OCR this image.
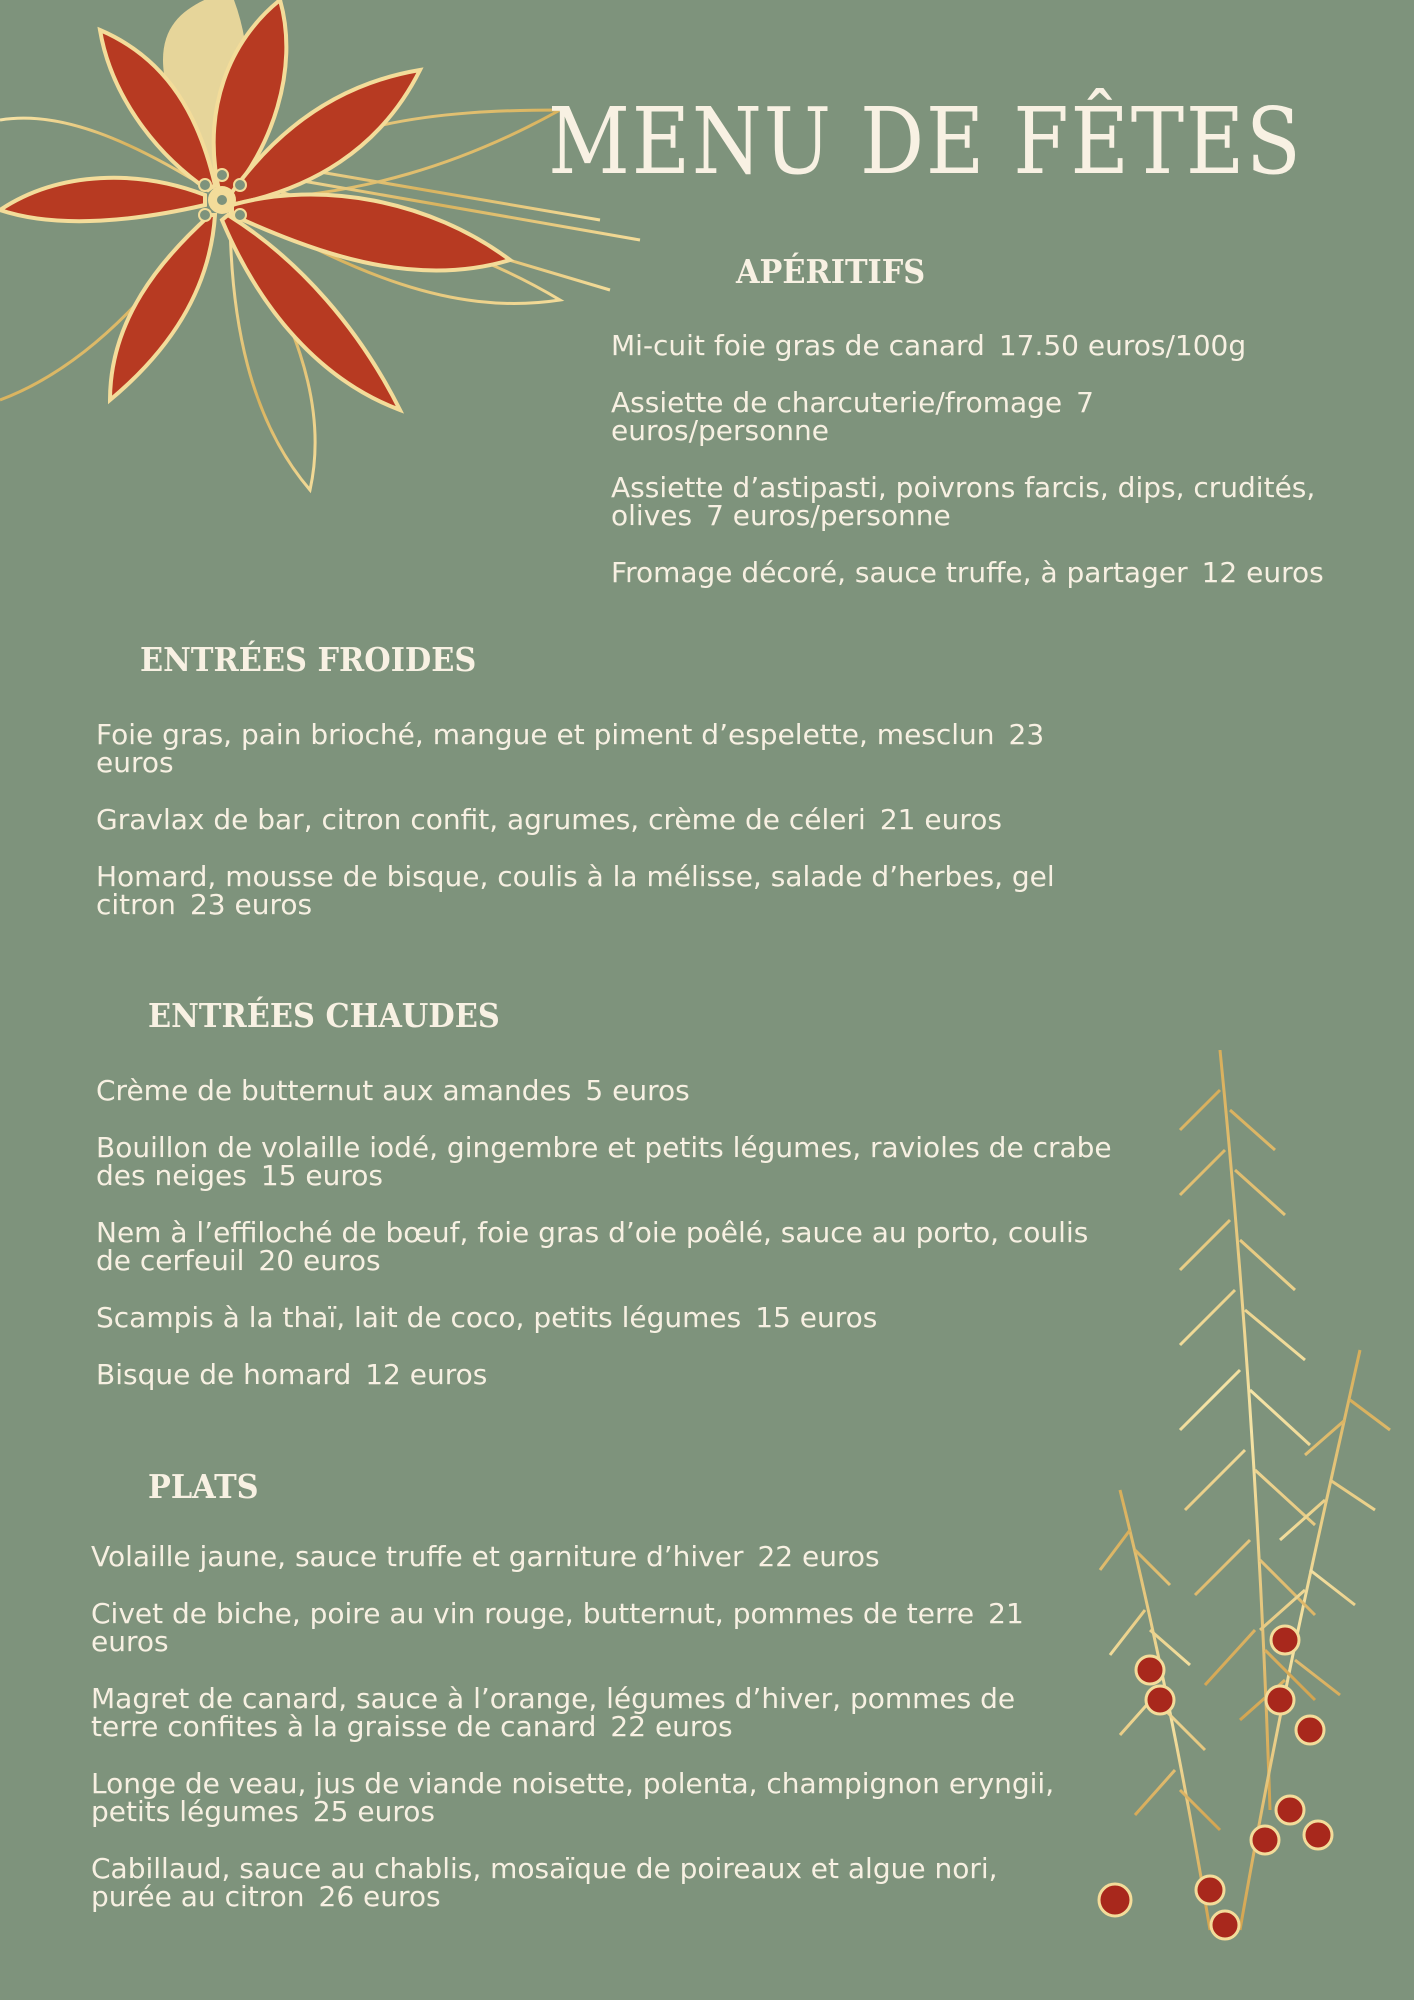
MENU DE FÊTES
APÉRITIFS
Mi-cuit foie gras de canard 17.50 euros/100g
Assiette de charcuterie/fromage 7 euros/personne
Assiette d’astipasti, poivrons farcis, dips, crudités, olives 7 euros/personne
Fromage décoré, sauce truffe, à partager 12 euros
ENTRÉES FROIDES
Foie gras, pain brioché, mangue et piment d’espelette, mesclun 23 euros
Gravlax de bar, citron confit, agrumes, crème de céleri 21 euros
Homard, mousse de bisque, coulis à la mélisse, salade d’herbes, gel citron 23 euros
ENTRÉES CHAUDES
Crème de butternut aux amandes 5 euros
Bouillon de volaille iodé, gingembre et petits légumes, ravioles de crabe des neiges 15 euros
Nem à l’effiloché de bœuf, foie gras d’oie poêlé, sauce au porto, coulis de cerfeuil 20 euros
Scampis à la thaï, lait de coco, petits légumes 15 euros
Bisque de homard 12 euros
PLATS
Volaille jaune, sauce truffe et garniture d’hiver 22 euros
Civet de biche, poire au vin rouge, butternut, pommes de terre 21 euros
Magret de canard, sauce à l’orange, légumes d’hiver, pommes de terre confites à la graisse de canard 22 euros
Longe de veau, jus de viande noisette, polenta, champignon eryngii, petits légumes 25 euros
Cabillaud, sauce au chablis, mosaïque de poireaux et algue nori, purée au citron 26 euros
